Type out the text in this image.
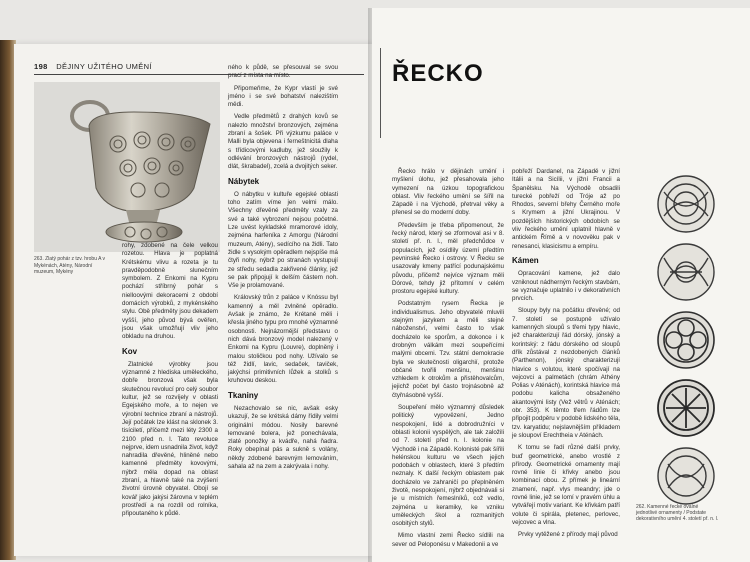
198 DĚJINY UŽITÉHO UMĚNÍ
263. Zlatý pohár z tzv. hrobu A v Mykénách, Atény, Národní muzeum, Mykény

rohy, zdobené na čele velkou rozetou. Hlava je poplatná Krétskému vlivu a rozeta je tu pravděpodobně slunečním symbolem. Z Enkomi na Kypru pochází stříbrný pohár s nielloovými dekoracemi z období domácích výrobků, z mykénského stylu. Obě předměty jsou dekadem vyšší, jeho původ bývá ověřen, jsou však umožňují vliv jeho obkladu na druhou.

Kov

Zlatnické výrobky jsou významné z hlediska uměleckého, dobře bronzová však byla skutečnou revolucí pro celý soubor kultur, jež se rozvíjely v oblasti Egejského moře, a to nejen ve výrobní technice zbraní a nástrojů. Její počátek lze klást na sklonek 3. tisíciletí, příčemž mezi léty 2300 a 2100 před n. l. Tato revoluce nejprve, idem usnadnila život, když nahradila dřevěné, hliněné nebo kamenné předměty kovovými, nýbrž měla dopad na oblast zbraní, a hlavně také na zvýšení životní úrovně obyvatel. Obojí se kovář jako jakýsi žárovna v teplém prostředí a na rozdíl od rolníka, připoutaného k půdě.

ného k půdě, se přesouval se svou prací z místa na místo.

Připomeňme, že Kypr vlastí je své jméno i se své bohatství nalezištím mědi.

Vedle předmětů z drahých kovů se nalezlo množství bronzových, zejména zbraní a šošek. Při výzkumu paláce v Malli byla objevena i ferneštnicitá dlaha s třídicovými kadluby, jež sloužily k odlévání bronzových nástrojů (rydel, dlát, škrabadel), zcelá a dvojitých seker.

Nábytek

O nábytku v kultuře egejské oblasti toho zatím víme jen velmi málo. Všechny dřevěné předměty vzaly za své a také vybrození nejsou početné. Lze uvést kykladské mramorové idoly, zejména harfeníka z Amorgu (Národní muzeum, Atény), sedícího na židli. Tato židle s vysokým opěradlem nejspíše má čtyři nohy, nýbrž po stranách vystupují ze středu sedadla zakřivené články, jež se pak připojují k delším částem noh. Vše je prolamované.

Královský trůn z paláce v Knóssu byl kamenný a měl zvlněné opěradlo. Avšak je známo, že Krétané měli i křesla jiného typu pro mnohé významné osobnosti. Nejnázornější představu o nich dává bronzový model nalezený v Enkomi na Kypru (Louvre), doplněný i malou stoličkou pod nohy. Užívalo se též židlí, lavic, sedaček, taviček, jakýchsi primitivních lůžek a stolků s kruhovou deskou.

Tkaniny

Nezachovalo se nic, avšak esky ukazují, že se krétská dámy řídily velmi originální módou. Nosily barevné lemované bolera, jež ponechávala, zlaté ponožky a kvádře, nahá ňadra. Roky obepínal pás a sukně s volány, někdy zdobené barevným lemováním, sahala až na zem a zakrývala i nohy.

ŘECKO

Řecko hrálo v dějinách umění i myšlení úlohu, jež přesahovala jeho vymezení na úzkou topografickou oblast. Vliv řeckého umění se šířil na Západě i na Východě, přetrval věky a přenesl se do moderní doby.

Především je třeba připomenout, že řecký národ, který se zformoval asi v 8. století př. n. l., měl předchůdce v populacích, jež osídlily území předtím pevninské Řecko i ostrovy. V Řecku se usazovaly kmeny patřící podunajskému původu, přičemž nejvíce význam měli Dórové, tehdy již přítomní v celém prostoru egejské kultury.

Podstatným rysem Řecka je individualismus. Jeho obyvatelé mluvili stejným jazykem a měli stejné náboženství, velmi často to však docházelo ke sporům, a dokonce i k drobným válkám mezi soupeřícími malými obcemi. Tzv. státní demokracie byla ve skutečnosti oligarchií, protože občané tvořili menšinu, menšinu vzhledem k otrokům a přistěhovalcům, jejichž počet byl často trojnásobně až čtyřnásobně vyšší.

Soupeření mělo významný důsledek politický vypovězení, Jedno nespokojení, lidé a dobrodružníci v oblasti kolonii vyspělých, ale tak založili od 7. století před n. l. kolonie na Východě i na Západě. Kolonisté pak šířili helénskou kulturu ve všech jejich podobách v oblastech, které 3 předtím neznaly. K další řeckým oblastem pak docházelo ve zahraničí po přeplněném životě, nespokojení, nýbrž objednávali si je u místních řemeslníků, což vedlo, zejména u keramiky, ke vzniku uměleckých škol a rozmanitých osobitých stylů.

Mimo vlastní zemi Řecko sídlili na sever od Peloponésu v Makedonii a ve

pobřeží Dardanel, na Západě v jižní Itálii a na Sicílii, v jižní Francii a Španělsku. Na Východě obsadili turecké pobřeží od Tróje až po Rhodos, severní břehy Černého moře s Krymem a jižní Ukrajinou. V pozdějších historických obdobích se vliv řeckého umění uplatnil hlavně v antickém Římě a v novověku pak v renesanci, klasicismu a empíru.

Kámen

Opracování kamene, jež dalo vzniknout nádherným řeckým stavbám, se vyznačuje uplatnilo i v dekorativních prvcích.

Sloupy byly na počátku dřevěné; od 7. století se postupně užívalo kamenných sloupů s třemi typy hlavic, jež charakterizují řád dórský, jónský a korintský: z řádu dórského od sloupů dřík zůstával z nezdobených článků (Parthenon), jónský charakterizují hlavice s volutou, které spočívají na vejcovci a palmetách (chrám Athény Polias v Aténách), korintská hlavice má podobu kalicha obsaženého akantovými listy (Vež větrů v Aténách; obr. 353). K těmto třem řádům lze připojit podpěru v podobě lidského těla, tzv. karyatidu; nejslavnějším příkladem je sloupoví Erechtheia v Aténách.

K tomu se řadí různé další prvky, buď geometrické, anebo vrostlé z přírody. Geometrické ornamenty mají rovné linie či křivky anebo jsou kombinací obou. Z přímek je lineární znamení, např. vlys meandry; jde o rovné linie, jež se lomí v pravém úhlu a vytvářejí motiv variant. Ke křivkám patří volute či spirála, pletenec, perlovec, vejcovec a vlna.

Prvky vytěžené z přírody mají původ

262. Kamenné řecké oválné jednotlivé ornamenty / Podstate dekorativního umění 4. století př. n. l.
